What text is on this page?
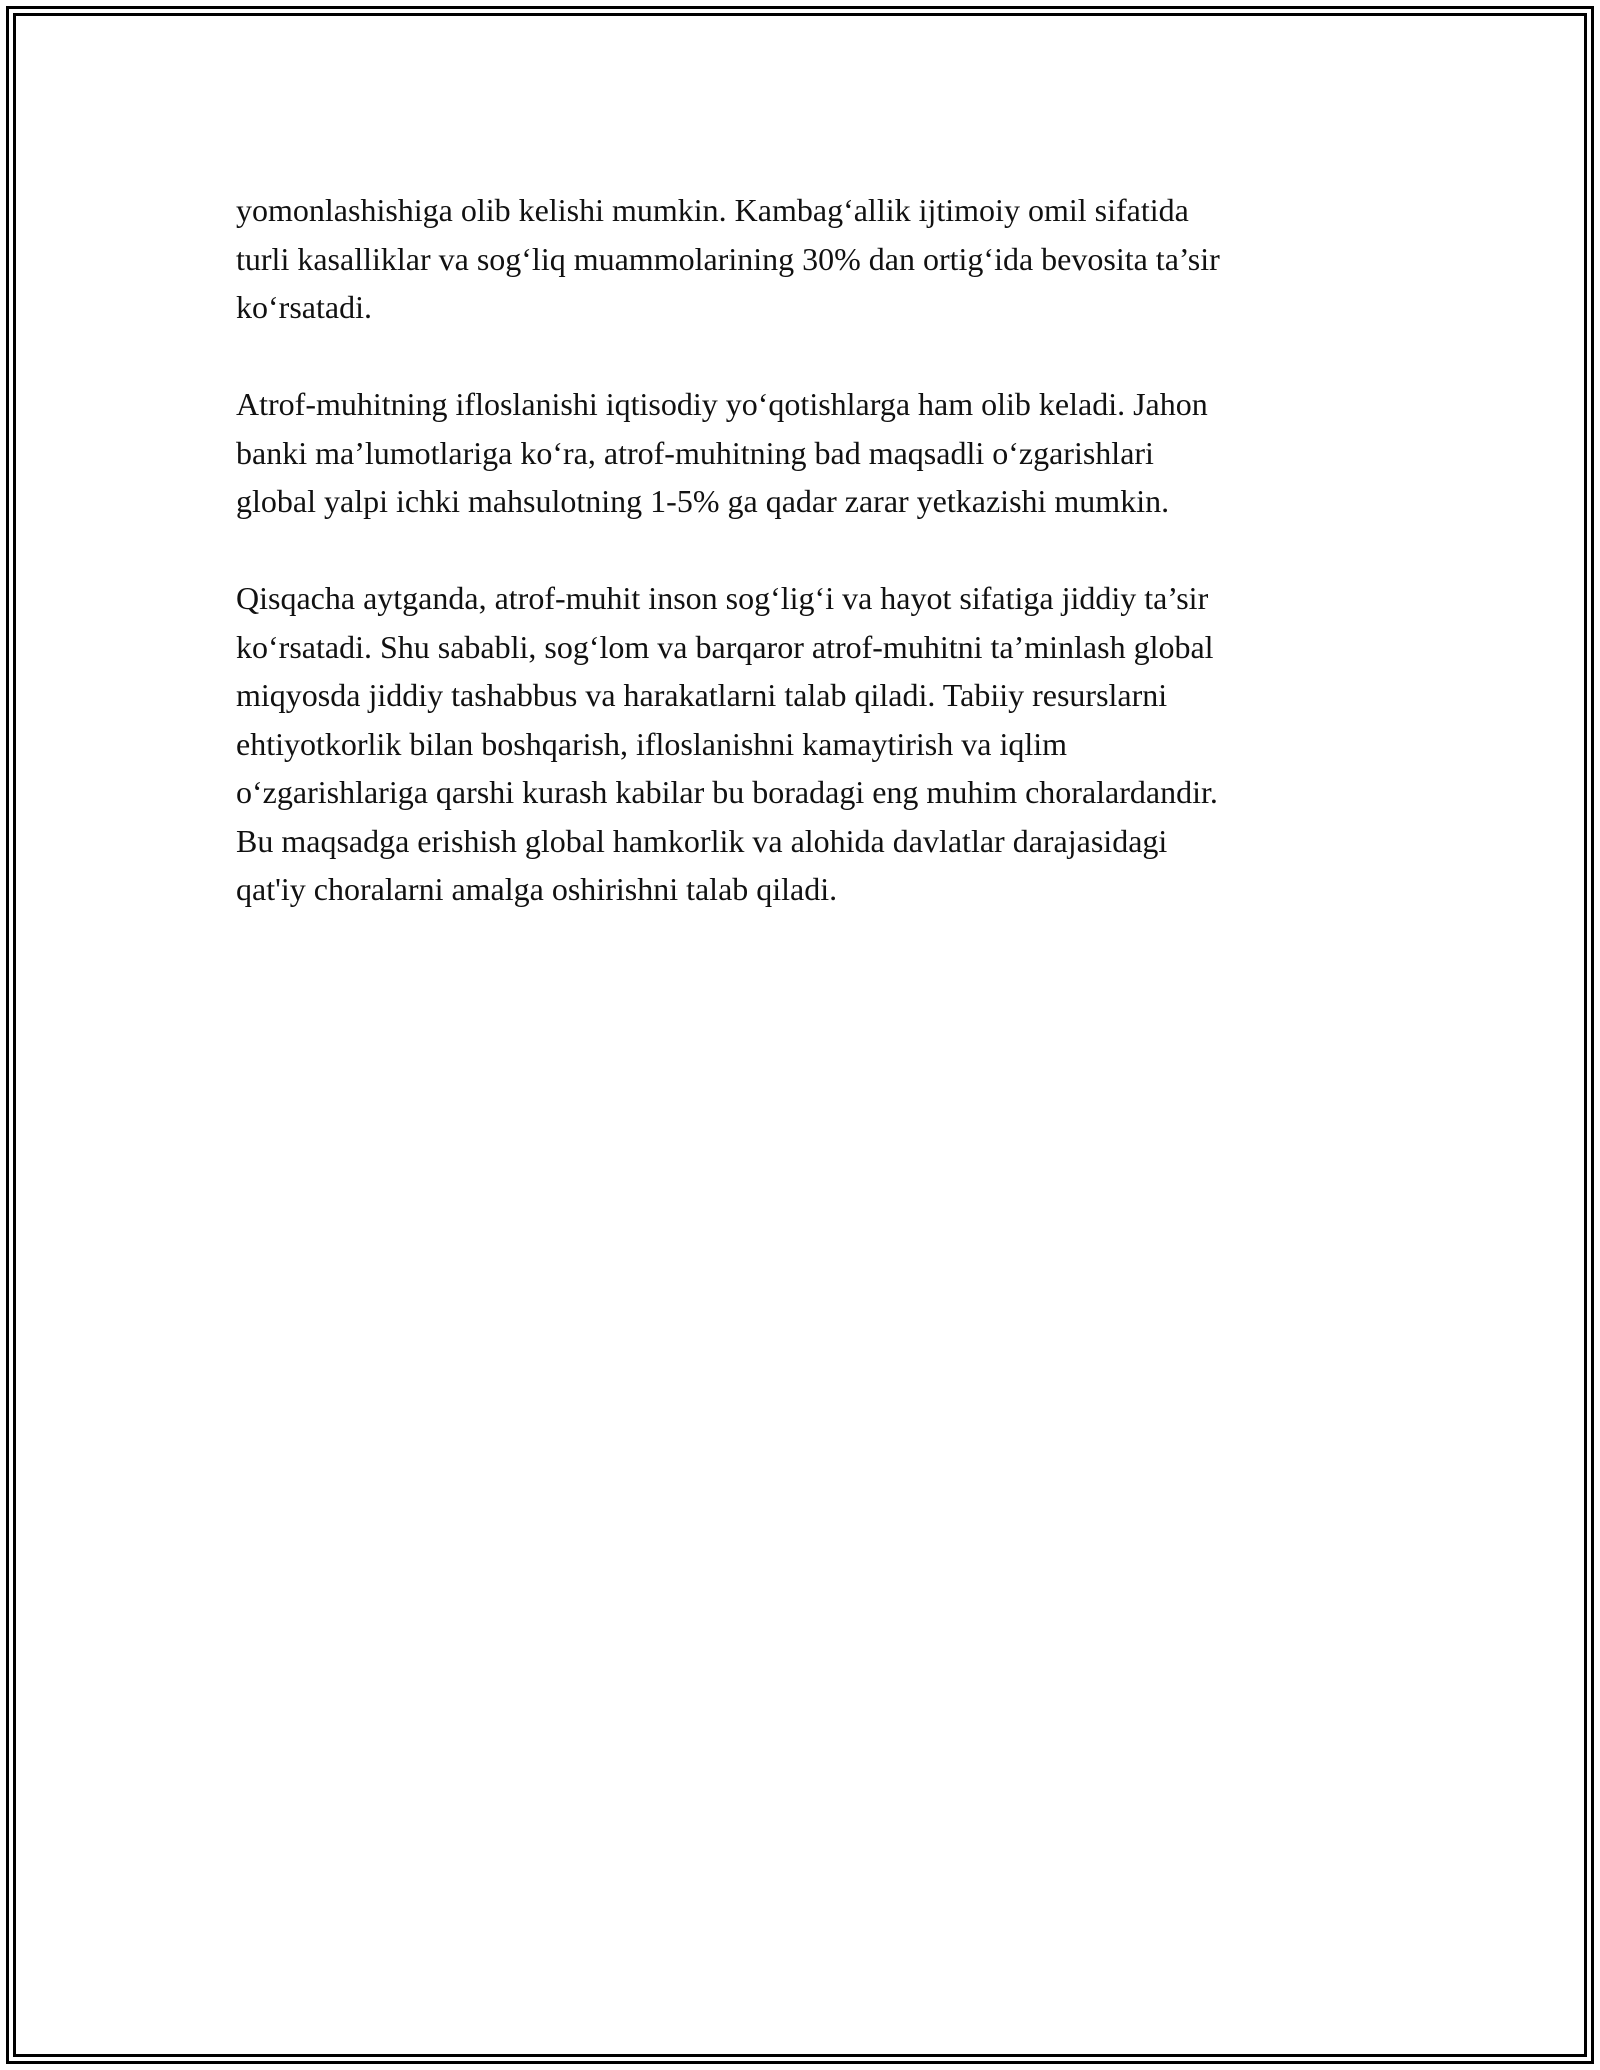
yomonlashishiga olib kelishi mumkin. Kambag‘allik ijtimoiy omil sifatida
turli kasalliklar va sog‘liq muammolarining 30% dan ortig‘ida bevosita ta’sir
ko‘rsatadi.

Atrof-muhitning ifloslanishi iqtisodiy yo‘qotishlarga ham olib keladi. Jahon
banki ma’lumotlariga ko‘ra, atrof-muhitning bad maqsadli o‘zgarishlari
global yalpi ichki mahsulotning 1-5% ga qadar zarar yetkazishi mumkin.

Qisqacha aytganda, atrof-muhit inson sog‘lig‘i va hayot sifatiga jiddiy ta’sir
ko‘rsatadi. Shu sababli, sog‘lom va barqaror atrof-muhitni ta’minlash global
miqyosda jiddiy tashabbus va harakatlarni talab qiladi. Tabiiy resurslarni
ehtiyotkorlik bilan boshqarish, ifloslanishni kamaytirish va iqlim
o‘zgarishlariga qarshi kurash kabilar bu boradagi eng muhim choralardandir.
Bu maqsadga erishish global hamkorlik va alohida davlatlar darajasidagi
qat'iy choralarni amalga oshirishni talab qiladi.
